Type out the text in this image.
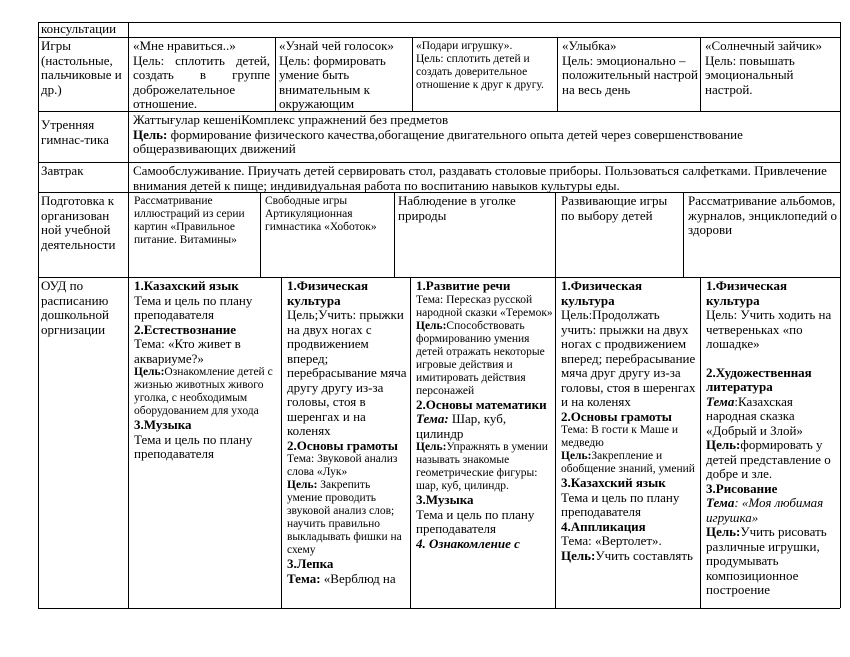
консультации
Игры (настольные, пальчиковые и др.)

«Мне нравиться..»

Цель: сплотить детей, создать в группе доброжелательное отношение.

«Узнай чей голосок»

Цель: формировать умение быть внимательным к окружающим

«Подари игрушку».

Цель: сплотить детей и создать доверительное отношение к друг к другу.

«Улыбка»

Цель: эмоционально – положительный настрой на весь день

«Солнечный зайчик»

Цель: повышать эмоциональный настрой.

Утренняя гимнас-тика

Жаттығулар кешеніКомплекс упражнений без предметов

Цель: формирование физического качества,обогащение двигательного опыта детей через совершенствование общеразвивающих движений

Завтрак	Самообслуживание. Приучать детей сервировать стол, раздавать столовые приборы. Пользоваться салфетками. Привлечение внимания детей к пище; индивидуальная работа по воспитанию навыков культуры еды.
Подготовка к организован ной учебной деятельности
Рассматривание иллюстраций из серии картин «Правильное питание. Витамины»
Свободные игры Артикуляционная гимнастика «Хоботок»
Наблюдение в уголке природы
Развивающие игры по выбору детей
Рассматривание альбомов, журналов, энциклопедий о здорови
ОУД по расписанию дошкольной оргнизации

1.Казахский язык

Тема и цель по плану преподавателя

2.Естествознание

Тема: «Кто живет в аквариуме?»

Цель:Ознакомление детей с жизнью животных живого уголка, с необходимым оборудованием для ухода

3.Музыка

Тема и цель по плану преподавателя

1.Физическая культура

Цель;Учить: прыжки на двух ногах с продвижением вперед; перебрасывание мяча другу другу из-за головы, стоя в шеренгах и на коленях

2.Основы грамоты

Тема: Звуковой анализ слова «Лук»

Цель: Закрепить умение проводить звуковой анализ слов; научить правильно выкладывать фишки на схему

3.Лепка

Тема: «Верблюд на

1.Развитие речи

Тема: Пересказ русской народной сказки «Теремок»

Цель:Способствовать формированию умения детей отражать некоторые игровые действия и имитировать действия персонажей

2.Основы математики

Тема: Шар, куб, цилиндр

Цель:Упражнять в умении называть знакомые геометрические фигуры: шар, куб, цилиндр.

3.Музыка

Тема и цель по плану преподавателя

4. Ознакомление с

1.Физическая культура

Цель:Продолжать учить: прыжки на двух ногах с продвижением вперед; перебрасывание мяча друг другу из-за головы, стоя в шеренгах и на коленях

2.Основы грамоты

Тема: В гости к Маше и медведю

Цель:Закрепление и обобщение знаний, умений

3.Казахский язык

Тема и цель по плану преподавателя

4.Аппликация

Тема: «Вертолет».

Цель:Учить составлять

1.Физическая культура

Цель: Учить ходить на четвереньках «по лошадке»

2.Художественная литература

Тема:Казахская народная сказка «Добрый и Злой»

Цель:формировать у детей представление о добре и зле.

3.Рисование

Тема: «Моя любимая игрушка»

Цель:Учить рисовать различные игрушки, продумывать композиционное построение
